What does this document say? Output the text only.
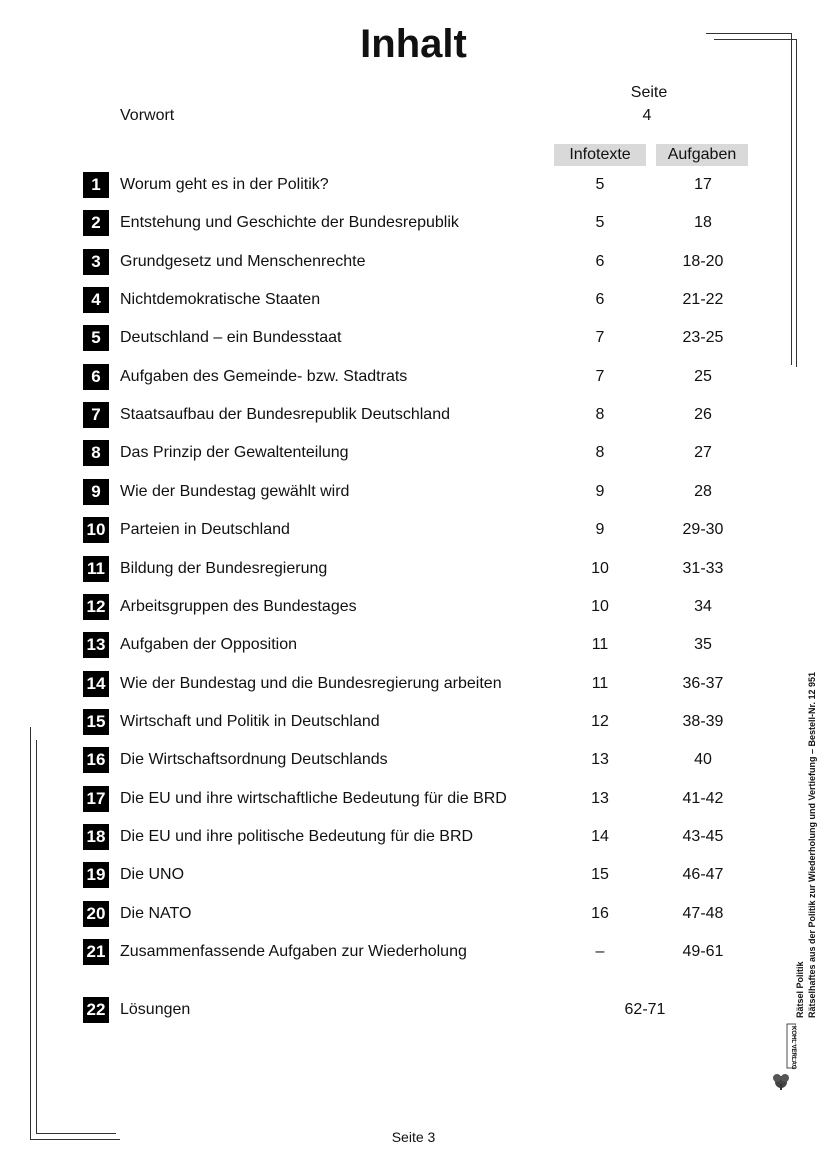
Inhalt
Seite
Vorwort	4
Infotexte	Aufgaben
1	Worum geht es in der Politik?	5	17
2	Entstehung und Geschichte der Bundesrepublik	5	18
3	Grundgesetz und Menschenrechte	6	18-20
4	Nichtdemokratische Staaten	6	21-22
5	Deutschland – ein Bundesstaat	7	23-25
6	Aufgaben des Gemeinde- bzw. Stadtrats	7	25
7	Staatsaufbau der Bundesrepublik Deutschland	8	26
8	Das Prinzip der Gewaltenteilung	8	27
9	Wie der Bundestag gewählt wird	9	28
10 Parteien in Deutschland	9	29-30
11 Bildung der Bundesregierung	10	31-33
12 Arbeitsgruppen des Bundestages	10	34
13 Aufgaben der Opposition	11	35
14 Wie der Bundestag und die Bundesregierung arbeiten	11	36-37
15 Wirtschaft und Politik in Deutschland	12	38-39
16 Die Wirtschaftsordnung Deutschlands	13	40
17 Die EU und ihre wirtschaftliche Bedeutung für die BRD	13	41-42
18 Die EU und ihre politische Bedeutung für die BRD	14	43-45
19 Die UNO	15	46-47
20 Die NATO	16	47-48
21 Zusammenfassende Aufgaben zur Wiederholung	–	49-61
22 Lösungen	62-71
Seite 3
Rätsel Politik Rätselhaftes aus der Politik zur Wiederholung und Vertiefung – Bestell-Nr. 12 951
KOHL VERLAG
